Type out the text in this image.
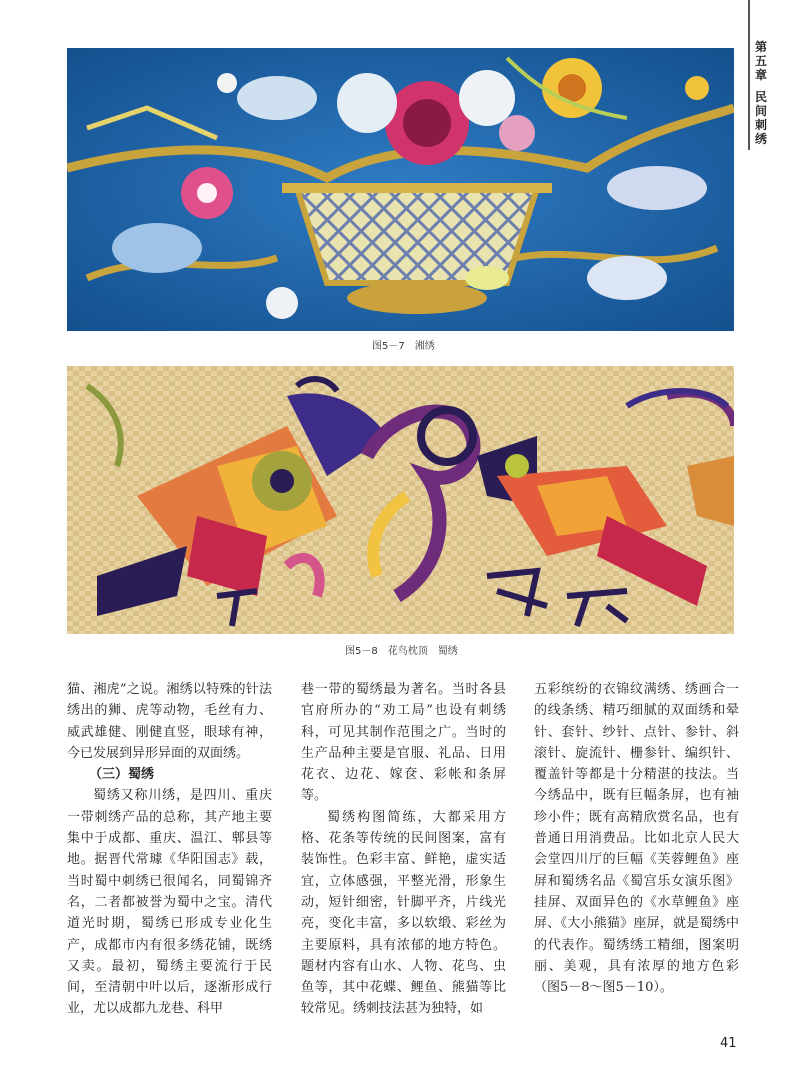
第
五
章
民
间
刺
绣
图5－7　湘绣
图5－8　花鸟枕顶　蜀绣

猫、湘虎”之说。湘绣以特殊的针法绣出的狮、虎等动物，毛丝有力、威武雄健、刚健直竖，眼球有神，今已发展到异形异面的双面绣。

（三）蜀绣

蜀绣又称川绣，是四川、重庆一带刺绣产品的总称，其产地主要集中于成都、重庆、温江、郫县等地。据晋代常璩《华阳国志》载，当时蜀中刺绣已很闻名，同蜀锦齐名，二者都被誉为蜀中之宝。清代道光时期，蜀绣已形成专业化生产，成都市内有很多绣花铺，既绣又卖。最初，蜀绣主要流行于民间，至清朝中叶以后，逐渐形成行业，尤以成都九龙巷、科甲

巷一带的蜀绣最为著名。当时各县官府所办的“劝工局”也设有刺绣科，可见其制作范围之广。当时的生产品种主要是官服、礼品、日用花衣、边花、嫁奁、彩帐和条屏等。

蜀绣构图简练，大都采用方格、花条等传统的民间图案，富有装饰性。色彩丰富、鲜艳，虚实适宜，立体感强，平整光滑，形象生动，短针细密，针脚平齐，片线光亮，变化丰富，多以软缎、彩丝为主要原料，具有浓郁的地方特色。题材内容有山水、人物、花鸟、虫鱼等，其中花蝶、鲤鱼、熊猫等比较常见。绣刺技法甚为独特，如

五彩缤纷的衣锦纹满绣、绣画合一的线条绣、精巧细腻的双面绣和晕针、套针、纱针、点针、参针、斜滚针、旋流针、栅参针、编织针、覆盖针等都是十分精湛的技法。当今绣品中，既有巨幅条屏，也有袖珍小件；既有高精欣赏名品，也有普通日用消费品。比如北京人民大会堂四川厅的巨幅《芙蓉鲤鱼》座屏和蜀绣名品《蜀宫乐女演乐图》挂屏、双面异色的《水草鲤鱼》座屏、《大小熊猫》座屏，就是蜀绣中的代表作。蜀绣绣工精细，图案明丽、美观，具有浓厚的地方色彩（图5－8～图5－10）。

41
